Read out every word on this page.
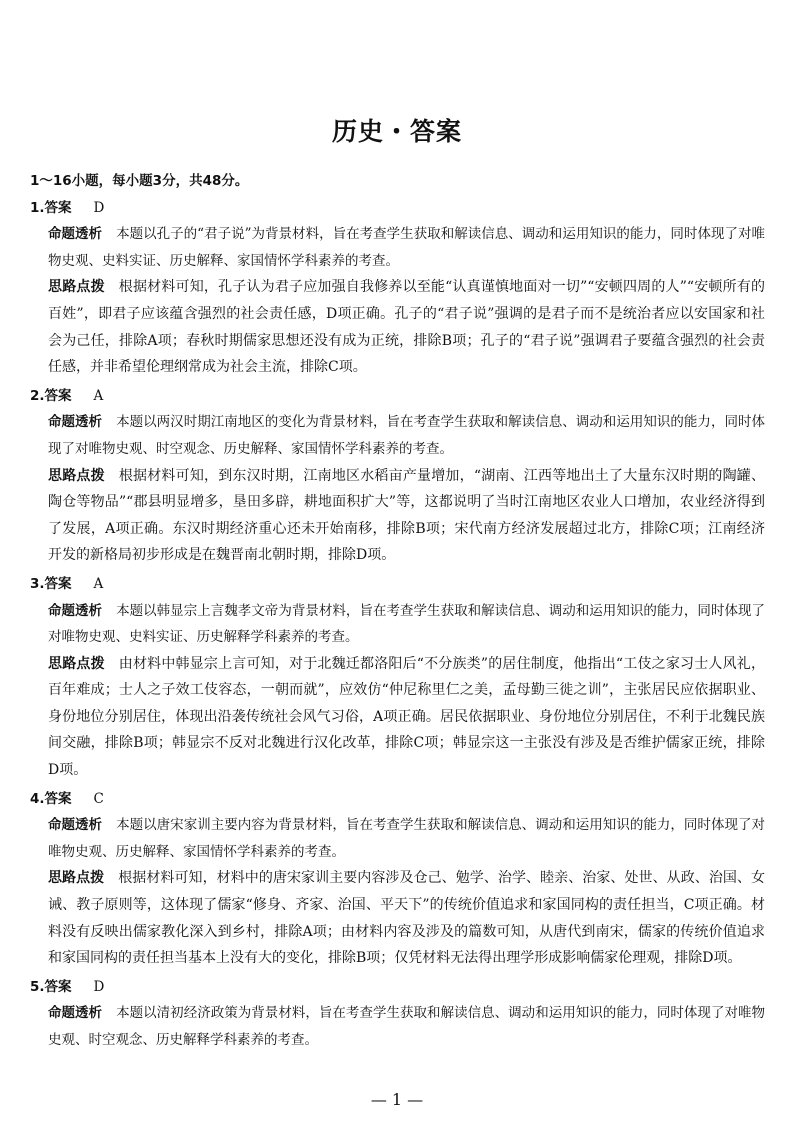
历史・答案

1～16小题，每小题3分，共48分。

1.答案 D

命题透析 本题以孔子的“君子说”为背景材料，旨在考查学生获取和解读信息、调动和运用知识的能力，同时体现了对唯物史观、史料实证、历史解释、家国情怀学科素养的考查。

思路点拨 根据材料可知，孔子认为君子应加强自我修养以至能“认真谨慎地面对一切”“安顿四周的人”“安顿所有的百姓”，即君子应该蕴含强烈的社会责任感，D项正确。孔子的“君子说”强调的是君子而不是统治者应以安国家和社会为己任，排除A项；春秋时期儒家思想还没有成为正统，排除B项；孔子的“君子说”强调君子要蕴含强烈的社会责任感，并非希望伦理纲常成为社会主流，排除C项。

2.答案 A

命题透析 本题以两汉时期江南地区的变化为背景材料，旨在考查学生获取和解读信息、调动和运用知识的能力，同时体现了对唯物史观、时空观念、历史解释、家国情怀学科素养的考查。

思路点拨 根据材料可知，到东汉时期，江南地区水稻亩产量增加，“湖南、江西等地出土了大量东汉时期的陶罐、陶仓等物品”“郡县明显增多，垦田多辟，耕地面积扩大”等，这都说明了当时江南地区农业人口增加，农业经济得到了发展，A项正确。东汉时期经济重心还未开始南移，排除B项；宋代南方经济发展超过北方，排除C项；江南经济开发的新格局初步形成是在魏晋南北朝时期，排除D项。

3.答案 A

命题透析 本题以韩显宗上言魏孝文帝为背景材料，旨在考查学生获取和解读信息、调动和运用知识的能力，同时体现了对唯物史观、史料实证、历史解释学科素养的考查。

思路点拨 由材料中韩显宗上言可知，对于北魏迁都洛阳后“不分族类”的居住制度，他指出“工伎之家习士人风礼，百年难成；士人之子效工伎容态，一朝而就”，应效仿“仲尼称里仁之美，孟母勤三徙之训”，主张居民应依据职业、身份地位分别居住，体现出沿袭传统社会风气习俗，A项正确。居民依据职业、身份地位分别居住，不利于北魏民族间交融，排除B项；韩显宗不反对北魏进行汉化改革，排除C项；韩显宗这一主张没有涉及是否维护儒家正统，排除D项。

4.答案 C

命题透析 本题以唐宋家训主要内容为背景材料，旨在考查学生获取和解读信息、调动和运用知识的能力，同时体现了对唯物史观、历史解释、家国情怀学科素养的考查。

思路点拨 根据材料可知，材料中的唐宋家训主要内容涉及仓己、勉学、治学、睦亲、治家、处世、从政、治国、女诫、教子原则等，这体现了儒家“修身、齐家、治国、平天下”的传统价值追求和家国同构的责任担当，C项正确。材料没有反映出儒家教化深入到乡村，排除A项；由材料内容及涉及的篇数可知，从唐代到南宋，儒家的传统价值追求和家国同构的责任担当基本上没有大的变化，排除B项；仅凭材料无法得出理学形成影响儒家伦理观，排除D项。

5.答案 D

命题透析 本题以清初经济政策为背景材料，旨在考查学生获取和解读信息、调动和运用知识的能力，同时体现了对唯物史观、时空观念、历史解释学科素养的考查。

— 1 —
